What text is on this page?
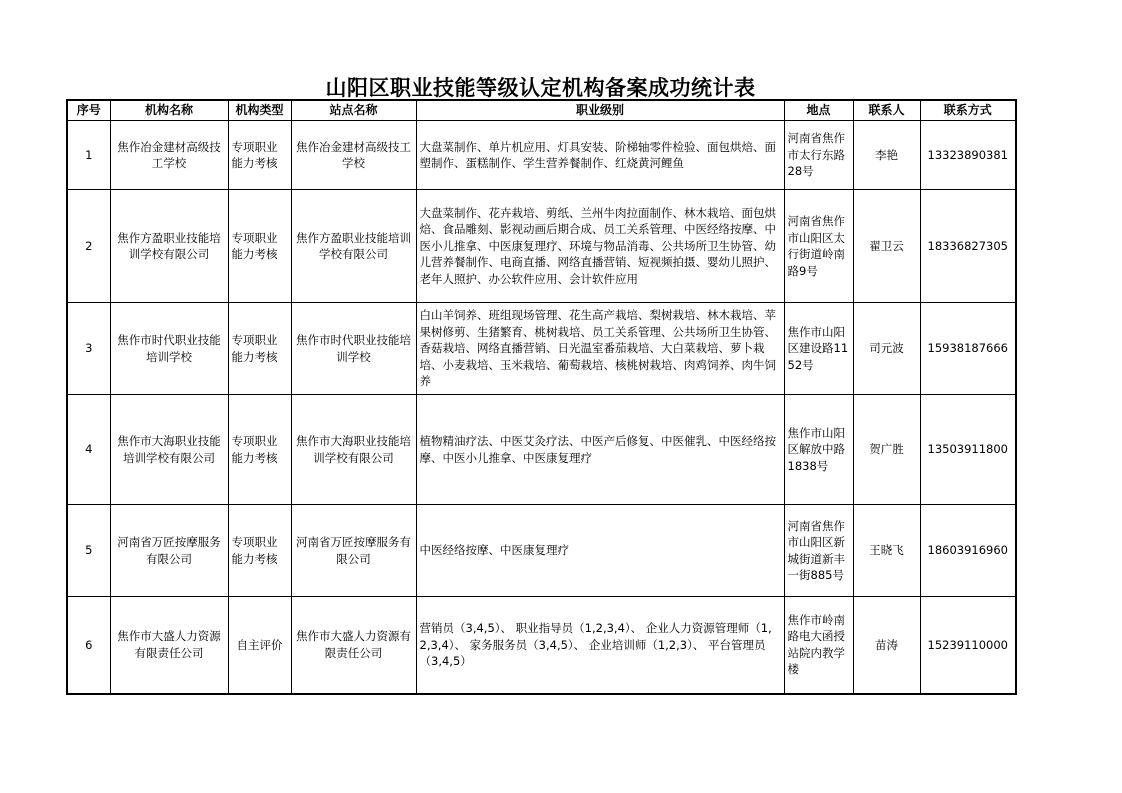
山阳区职业技能等级认定机构备案成功统计表
序号	机构名称	机构类型	站点名称	职业级别	地点	联系人	联系方式
1	焦作冶金建材高级技工学校	专项职业能力考核	焦作冶金建材高级技工学校	大盘菜制作、单片机应用、灯具安装、阶梯轴零件检验、面包烘焙、面塑制作、蛋糕制作、学生营养餐制作、红烧黄河鲤鱼	河南省焦作市太行东路28号	李艳	13323890381
2	焦作方盈职业技能培训学校有限公司	专项职业能力考核	焦作方盈职业技能培训学校有限公司	大盘菜制作、花卉栽培、剪纸、兰州牛肉拉面制作、林木栽培、面包烘焙、食品雕刻、影视动画后期合成、员工关系管理、中医经络按摩、中医小儿推拿、中医康复理疗、环境与物品消毒、公共场所卫生协管、幼儿营养餐制作、电商直播、网络直播营销、短视频拍摄、婴幼儿照护、老年人照护、办公软件应用、会计软件应用	河南省焦作市山阳区太行街道岭南路9号	翟卫云	18336827305
3	焦作市时代职业技能培训学校	专项职业能力考核	焦作市时代职业技能培训学校	白山羊饲养、班组现场管理、花生高产栽培、梨树栽培、林木栽培、苹果树修剪、生猪繁育、桃树栽培、员工关系管理、公共场所卫生协管、香菇栽培、网络直播营销、日光温室番茄栽培、大白菜栽培、萝卜栽培、小麦栽培、玉米栽培、葡萄栽培、核桃树栽培、肉鸡饲养、肉牛饲养	焦作市山阳区建设路1152号	司元波	15938187666
4	焦作市大海职业技能培训学校有限公司	专项职业能力考核	焦作市大海职业技能培训学校有限公司	植物精油疗法、中医艾灸疗法、中医产后修复、中医催乳、中医经络按摩、中医小儿推拿、中医康复理疗	焦作市山阳区解放中路1838号	贺广胜	13503911800
5	河南省万匠按摩服务有限公司	专项职业能力考核	河南省万匠按摩服务有限公司	中医经络按摩、中医康复理疗	河南省焦作市山阳区新城街道新丰一街885号	王晓飞	18603916960
6	焦作市大盛人力资源有限责任公司	自主评价	焦作市大盛人力资源有限责任公司	营销员（3,4,5）、 职业指导员（1,2,3,4）、 企业人力资源管理师（1,2,3,4）、 家务服务员（3,4,5）、 企业培训师（1,2,3）、 平台管理员（3,4,5）	焦作市岭南路电大函授站院内教学楼	苗涛	15239110000
